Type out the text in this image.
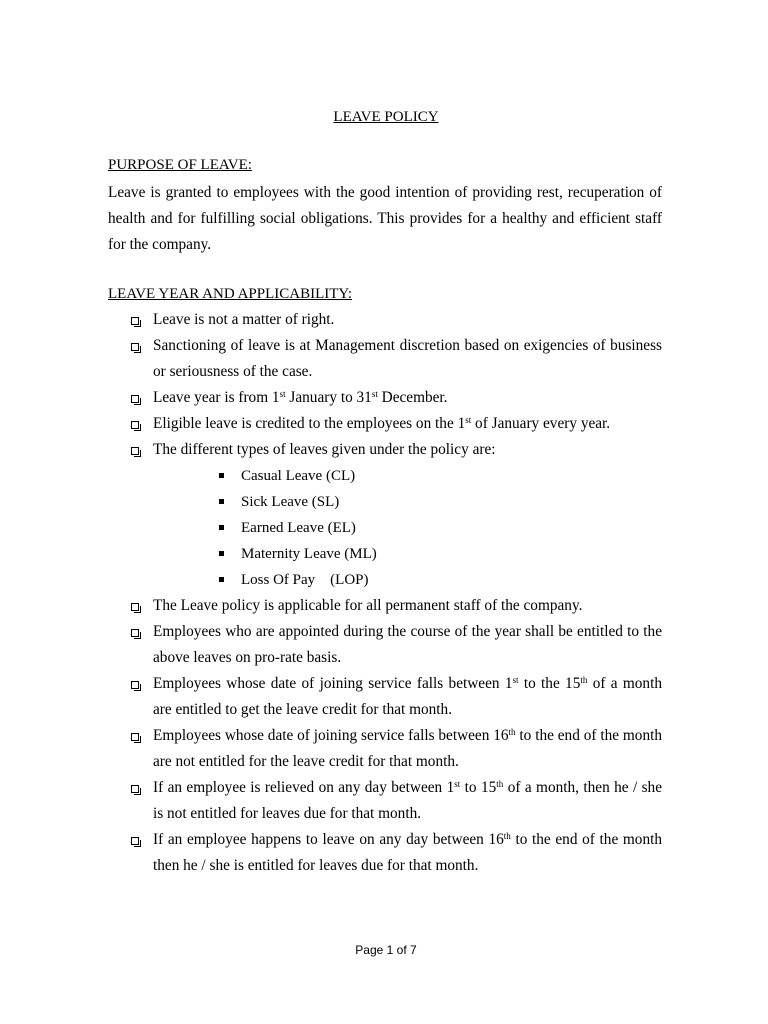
LEAVE POLICY
PURPOSE OF LEAVE:
Leave is granted to employees with the good intention of providing rest, recuperation of health and for fulfilling social obligations. This provides for a healthy and efficient staff for the company.
LEAVE YEAR AND APPLICABILITY:
Leave is not a matter of right.
Sanctioning of leave is at Management discretion based on exigencies of business or seriousness of the case.
Leave year is from 1st January to 31st December.
Eligible leave is credited to the employees on the 1st of January every year.
The different types of leaves given under the policy are:
Casual Leave (CL)
Sick Leave (SL)
Earned Leave (EL)
Maternity Leave (ML)
Loss Of Pay    (LOP)
The Leave policy is applicable for all permanent staff of the company.
Employees who are appointed during the course of the year shall be entitled to the above leaves on pro-rate basis.
Employees whose date of joining service falls between 1st to the 15th of a month are entitled to get the leave credit for that month.
Employees whose date of joining service falls between 16th to the end of the month are not entitled for the leave credit for that month.
If an employee is relieved on any day between 1st to 15th of a month, then he / she is not entitled for leaves due for that month.
If an employee happens to leave on any day between 16th to the end of the month then he / she is entitled for leaves due for that month.
Page 1 of 7
